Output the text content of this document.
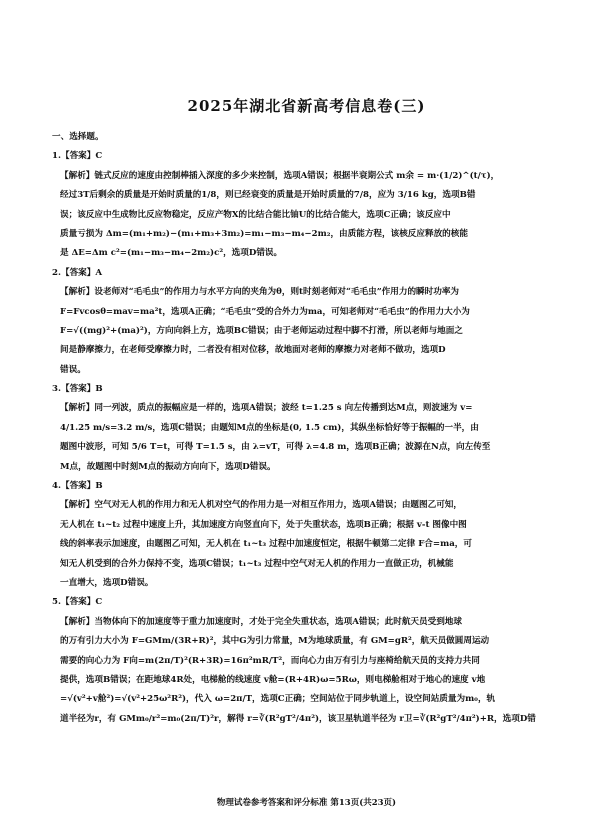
2025年湖北省新高考信息卷(三)
一、选择题。
1.【答案】C
【解析】链式反应的速度由控制棒插入深度的多少来控制，选项A错误；根据半衰期公式 m余 = m·(1/2)^(t/τ)，
经过3T后剩余的质量是开始时质量的1/8，则已经衰变的质量是开始时质量的7/8，应为 3/16 kg，选项B错
误；该反应中生成物比反应物稳定，反应产物X的比结合能比铀U的比结合能大，选项C正确；该反应中
质量亏损为 Δm=(m₁+m₂)−(m₁+m₃+3m₂)=m₁−m₃−m₄−2m₂，由质能方程，该核反应释放的核能
是 ΔE=Δm c²=(m₁−m₃−m₄−2m₂)c²，选项D错误。
2.【答案】A
【解析】设老师对“毛毛虫”的作用力与水平方向的夹角为θ，则t时刻老师对“毛毛虫”作用力的瞬时功率为
F=Fvcosθ=mav=ma²t，选项A正确；“毛毛虫”受的合外力为ma，可知老师对“毛毛虫”的作用力大小为
F=√((mg)²+(ma)²)，方向向斜上方，选项BC错误；由于老师运动过程中脚不打滑，所以老师与地面之
间是静摩擦力，在老师受摩擦力时，二者没有相对位移，故地面对老师的摩擦力对老师不做功，选项D
错误。
3.【答案】B
【解析】同一列波，质点的振幅应是一样的，选项A错误；波经 t=1.25 s 向左传播到达M点，则波速为 v=
4/1.25 m/s=3.2 m/s，选项C错误；由题知M点的坐标是(0, 1.5 cm)，其纵坐标恰好等于振幅的一半，由
题图中波形，可知 5/6 T=t，可得 T=1.5 s，由 λ=vT，可得 λ=4.8 m，选项B正确；波源在N点，向左传至
M点，故题图中时刻M点的振动方向向下，选项D错误。
4.【答案】B
【解析】空气对无人机的作用力和无人机对空气的作用力是一对相互作用力，选项A错误；由题图乙可知，
无人机在 t₁~t₂ 过程中速度上升，其加速度方向竖直向下，处于失重状态，选项B正确；根据 v-t 图像中图
线的斜率表示加速度，由题图乙可知，无人机在 t₁~t₃ 过程中加速度恒定，根据牛顿第二定律 F合=ma，可
知无人机受到的合外力保持不变，选项C错误；t₁~t₃ 过程中空气对无人机的作用力一直做正功，机械能
一直增大，选项D错误。
5.【答案】C
【解析】当物体向下的加速度等于重力加速度时，才处于完全失重状态，选项A错误；此时航天员受到地球
的万有引力大小为 F=GMm/(3R+R)²，其中G为引力常量，M为地球质量，有 GM=gR²，航天员做圆周运动
需要的向心力为 F向=m(2π/T)²(R+3R)=16π²mR/T²，而向心力由万有引力与座椅给航天员的支持力共同
提供，选项B错误；在距地球4R处，电梯舱的线速度 v舱=(R+4R)ω=5Rω，则电梯舱相对于地心的速度 v地
=√(v²+v舱²)=√(v²+25ω²R²)，代入 ω=2π/T，选项C正确；空间站位于同步轨道上，设空间站质量为m₀，轨
道半径为r，有 GMm₀/r²=m₀(2π/T)²r，解得 r=∛(R²gT²/4π²)，该卫星轨道半径为 r卫=∛(R²gT²/4π²)+R，选项D错
物理试卷参考答案和评分标准 第13页(共23页)
